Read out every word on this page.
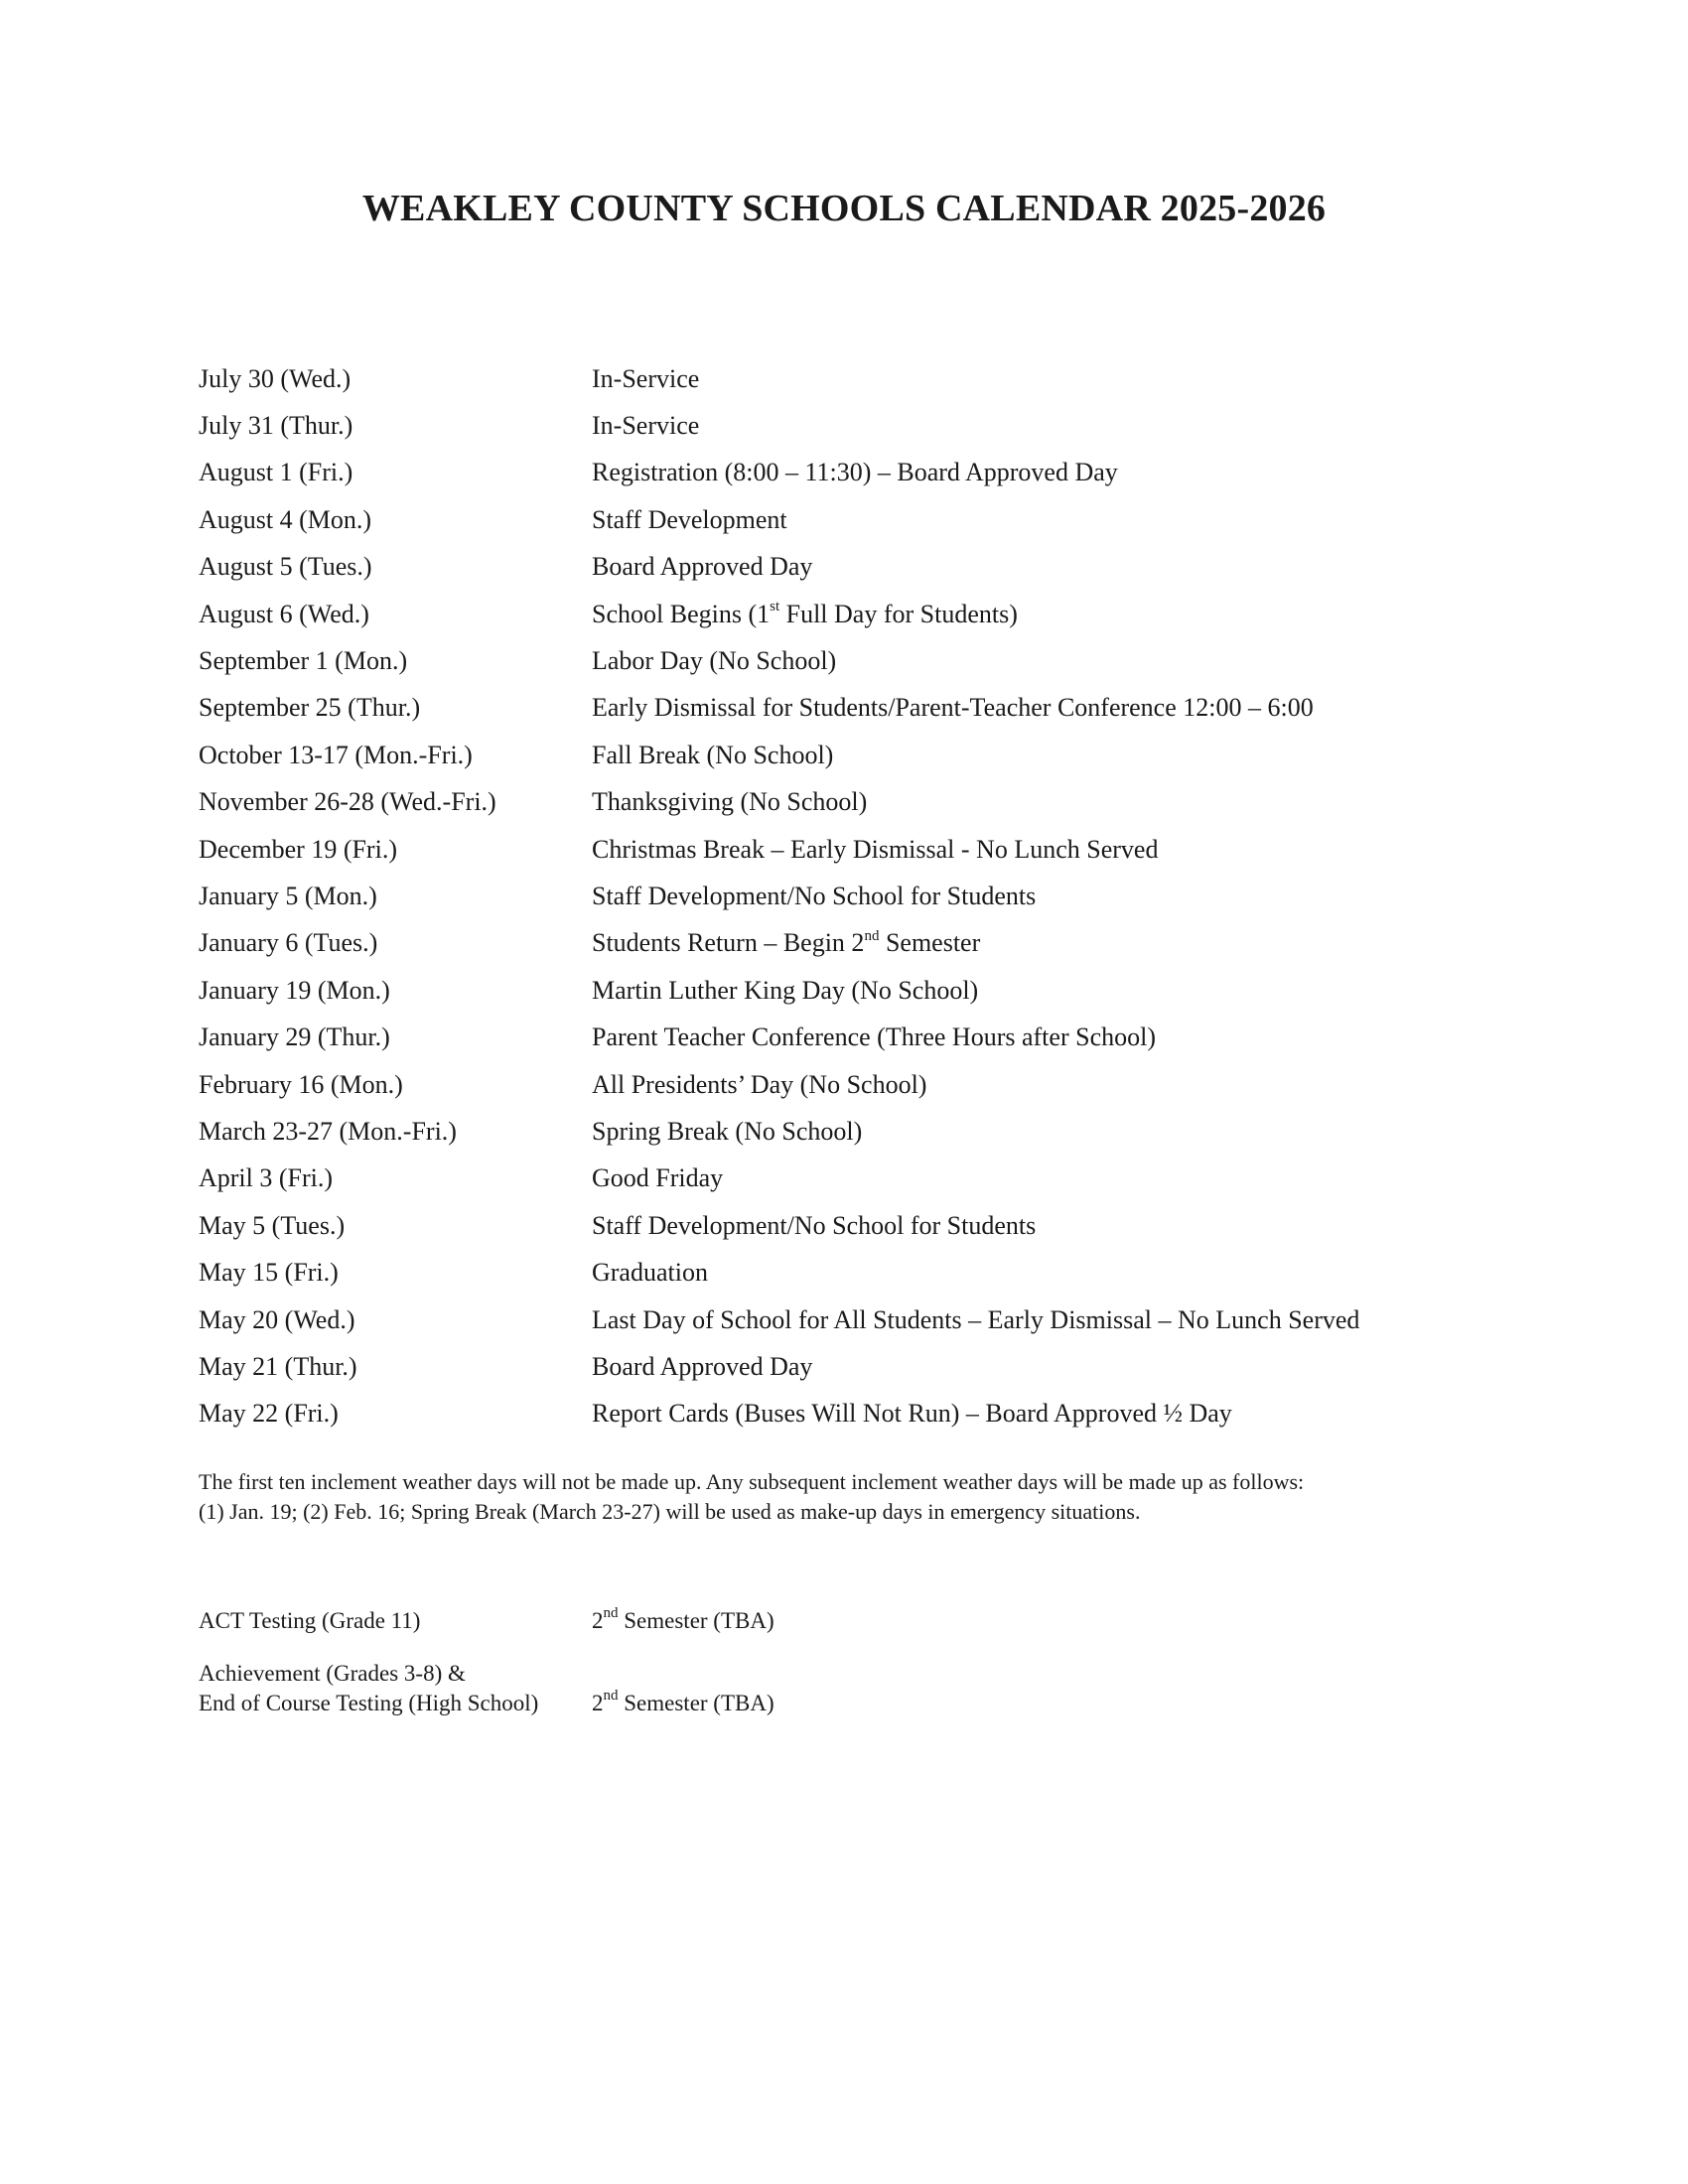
WEAKLEY COUNTY SCHOOLS CALENDAR 2025-2026
July 30 (Wed.)	In-Service
July 31 (Thur.)	In-Service
August 1 (Fri.)	Registration (8:00 – 11:30) – Board Approved Day
August 4 (Mon.)	Staff Development
August 5 (Tues.)	Board Approved Day
August 6 (Wed.)	School Begins (1st Full Day for Students)
September 1 (Mon.)	Labor Day (No School)
September 25 (Thur.)	Early Dismissal for Students/Parent-Teacher Conference 12:00 – 6:00
October 13-17 (Mon.-Fri.)	Fall Break (No School)
November 26-28 (Wed.-Fri.)	Thanksgiving (No School)
December 19 (Fri.)	Christmas Break – Early Dismissal - No Lunch Served
January 5 (Mon.)	Staff Development/No School for Students
January 6 (Tues.)	Students Return – Begin 2nd Semester
January 19 (Mon.)	Martin Luther King Day (No School)
January 29 (Thur.)	Parent Teacher Conference (Three Hours after School)
February 16 (Mon.)	All Presidents’ Day (No School)
March 23-27 (Mon.-Fri.)	Spring Break (No School)
April 3 (Fri.)	Good Friday
May 5 (Tues.)	Staff Development/No School for Students
May 15 (Fri.)	Graduation
May 20 (Wed.)	Last Day of School for All Students – Early Dismissal – No Lunch Served
May 21 (Thur.)	Board Approved Day
May 22 (Fri.)	Report Cards (Buses Will Not Run) – Board Approved ½ Day

The first ten inclement weather days will not be made up. Any subsequent inclement weather days will be made up as follows:
(1) Jan. 19; (2) Feb. 16; Spring Break (March 23-27) will be used as make-up days in emergency situations.

ACT Testing (Grade 11)	2nd Semester (TBA)
Achievement (Grades 3-8) &
End of Course Testing (High School)	2nd Semester (TBA)
